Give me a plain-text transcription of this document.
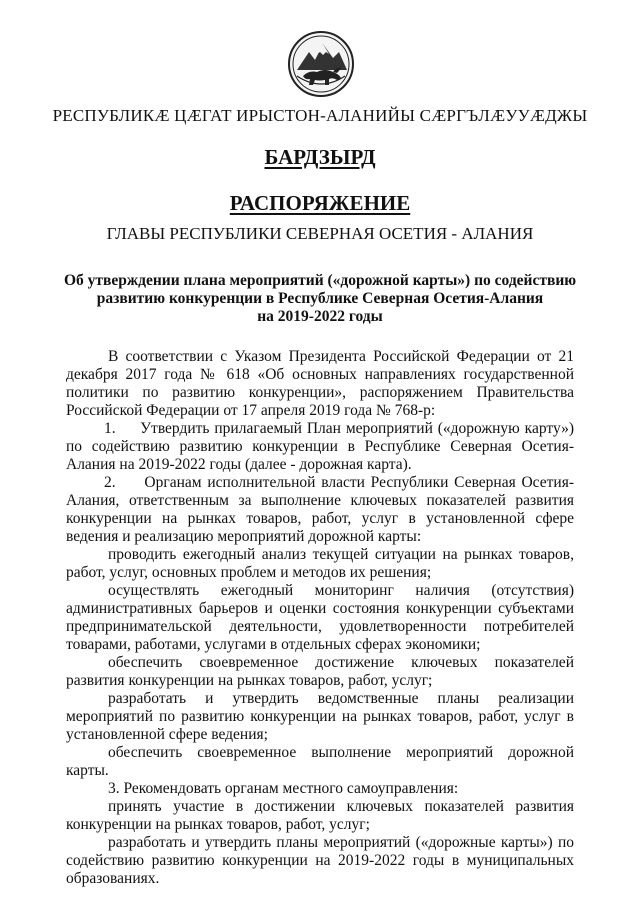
РЕСПУБЛИКӔ ЦӔГАТ ИРЫСТОН-АЛАНИЙЫ СӔРГЪЛӔУУӔДЖЫ
БАРДЗЫРД
РАСПОРЯЖЕНИЕ
ГЛАВЫ РЕСПУБЛИКИ СЕВЕРНАЯ ОСЕТИЯ - АЛАНИЯ
Об утверждении плана мероприятий («дорожной карты») по содействию
развитию конкуренции в Республике Северная Осетия-Алания
на 2019-2022 годы

В соответствии с Указом Президента Российской Федерации от 21 декабря 2017 года № 618 «Об основных направлениях государственной политики по развитию конкуренции», распоряжением Правительства Российской Федерации от 17 апреля 2019 года № 768-р:

1.     Утвердить прилагаемый План мероприятий («дорожную карту») по содействию развитию конкуренции в Республике Северная Осетия-Алания на 2019-2022 годы (далее - дорожная карта).

2.     Органам исполнительной власти Республики Северная Осетия-Алания, ответственным за выполнение ключевых показателей развития конкуренции на рынках товаров, работ, услуг в установленной сфере ведения и реализацию мероприятий дорожной карты:

проводить ежегодный анализ текущей ситуации на рынках товаров, работ, услуг, основных проблем и методов их решения;

осуществлять ежегодный мониторинг наличия (отсутствия) административных барьеров и оценки состояния конкуренции субъектами предпринимательской деятельности, удовлетворенности потребителей товарами, работами, услугами в отдельных сферах экономики;

обеспечить своевременное достижение ключевых показателей развития конкуренции на рынках товаров, работ, услуг;

разработать и утвердить ведомственные планы реализации мероприятий по развитию конкуренции на рынках товаров, работ, услуг в установленной сфере ведения;

обеспечить своевременное выполнение мероприятий дорожной карты.

3. Рекомендовать органам местного самоуправления:

принять участие в достижении ключевых показателей развития конкуренции на рынках товаров, работ, услуг;

разработать и утвердить планы мероприятий («дорожные карты») по содействию развитию конкуренции на 2019-2022 годы в муниципальных образованиях.
